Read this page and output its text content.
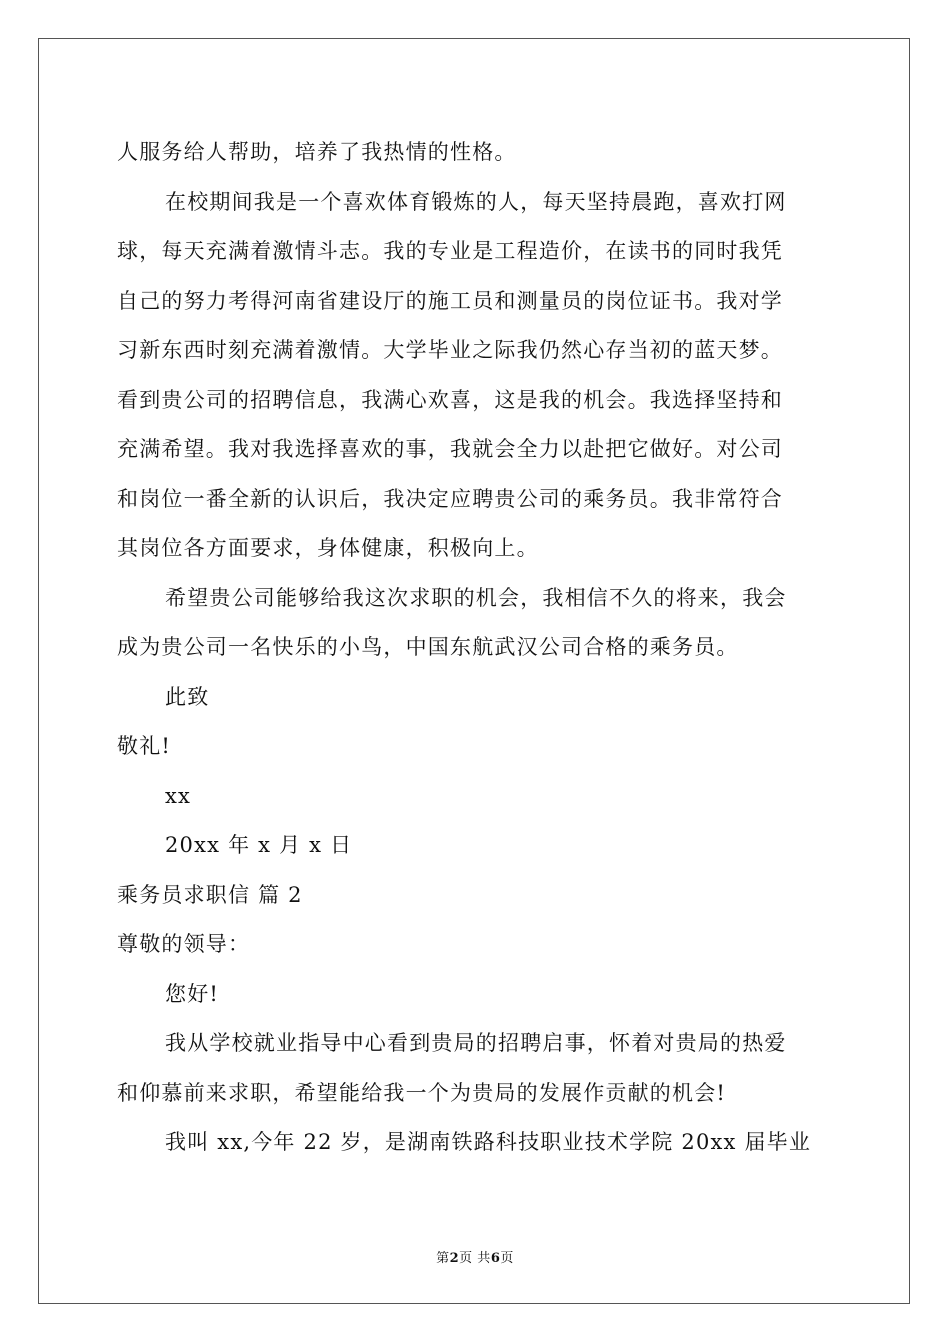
人服务给人帮助，培养了我热情的性格。
在校期间我是一个喜欢体育锻炼的人，每天坚持晨跑，喜欢打网
球，每天充满着激情斗志。我的专业是工程造价，在读书的同时我凭
自己的努力考得河南省建设厅的施工员和测量员的岗位证书。我对学
习新东西时刻充满着激情。大学毕业之际我仍然心存当初的蓝天梦。
看到贵公司的招聘信息，我满心欢喜，这是我的机会。我选择坚持和
充满希望。我对我选择喜欢的事，我就会全力以赴把它做好。对公司
和岗位一番全新的认识后，我决定应聘贵公司的乘务员。我非常符合
其岗位各方面要求，身体健康，积极向上。
希望贵公司能够给我这次求职的机会，我相信不久的将来，我会
成为贵公司一名快乐的小鸟，中国东航武汉公司合格的乘务员。
此致
敬礼!
xx
20xx 年 x 月 x 日
乘务员求职信 篇 2
尊敬的领导：
您好!
我从学校就业指导中心看到贵局的招聘启事，怀着对贵局的热爱
和仰慕前来求职，希望能给我一个为贵局的发展作贡献的机会!
我叫 xx,今年 22 岁，是湖南铁路科技职业技术学院 20xx 届毕业
第2页 共6页
